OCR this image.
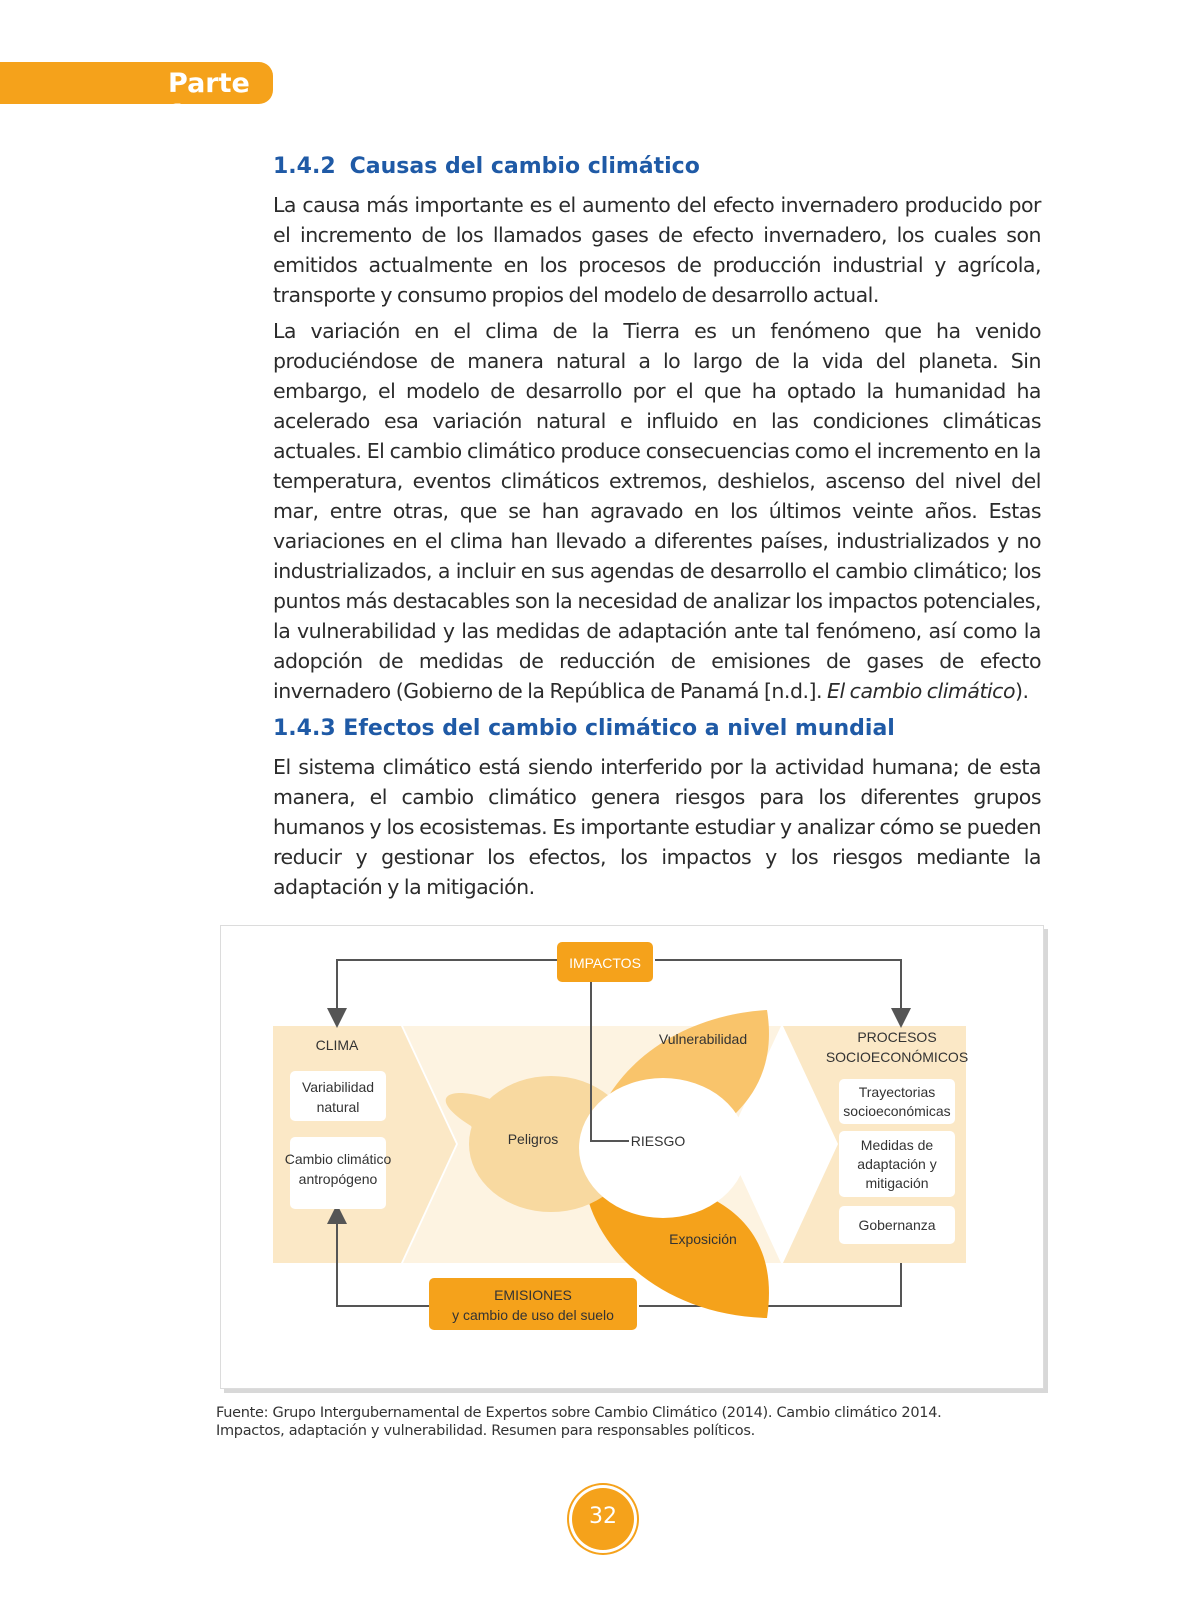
Parte 1
1.4.2 Causas del cambio climático

La causa más importante es el aumento del efecto invernadero producido por el incremento de los llamados gases de efecto invernadero, los cuales son emitidos actualmente en los procesos de producción industrial y agrícola, transporte y consumo propios del modelo de desarrollo actual.

La variación en el clima de la Tierra es un fenómeno que ha venido produciéndose de manera natural a lo largo de la vida del planeta. Sin embargo, el modelo de desarrollo por el que ha optado la humanidad ha acelerado esa variación natural e influido en las condiciones climáticas actuales. El cambio climático produce consecuencias como el incremento en la temperatura, eventos climáticos extremos, deshielos, ascenso del nivel del mar, entre otras, que se han agravado en los últimos veinte años. Estas variaciones en el clima han llevado a diferentes países, industrializados y no industrializados, a incluir en sus agendas de desarrollo el cambio climático; los puntos más destacables son la necesidad de analizar los impactos potenciales, la vulnerabilidad y las medidas de adaptación ante tal fenómeno, así como la adopción de medidas de reducción de emisiones de gases de efecto invernadero (Gobierno de la República de Panamá [n.d.]. El cambio climático).

1.4.3 Efectos del cambio climático a nivel mundial

El sistema climático está siendo interferido por la actividad humana; de esta manera, el cambio climático genera riesgos para los diferentes grupos humanos y los ecosistemas. Es importante estudiar y analizar cómo se pueden reducir y gestionar los efectos, los impactos y los riesgos mediante la adaptación y la mitigación.

IMPACTOS
CLIMA
Variabilidad
natural
Cambio climático
antropógeno
PROCESOS
SOCIOECONÓMICOS
Trayectorias
socioeconómicas
Medidas de
adaptación y
mitigación
Gobernanza
Vulnerabilidad
Peligros	RIESGO
Exposición
EMISIONES
y cambio de uso del suelo
Fuente: Grupo Intergubernamental de Expertos sobre Cambio Climático (2014). Cambio climático 2014. Impactos, adaptación y vulnerabilidad. Resumen para responsables políticos.
32
